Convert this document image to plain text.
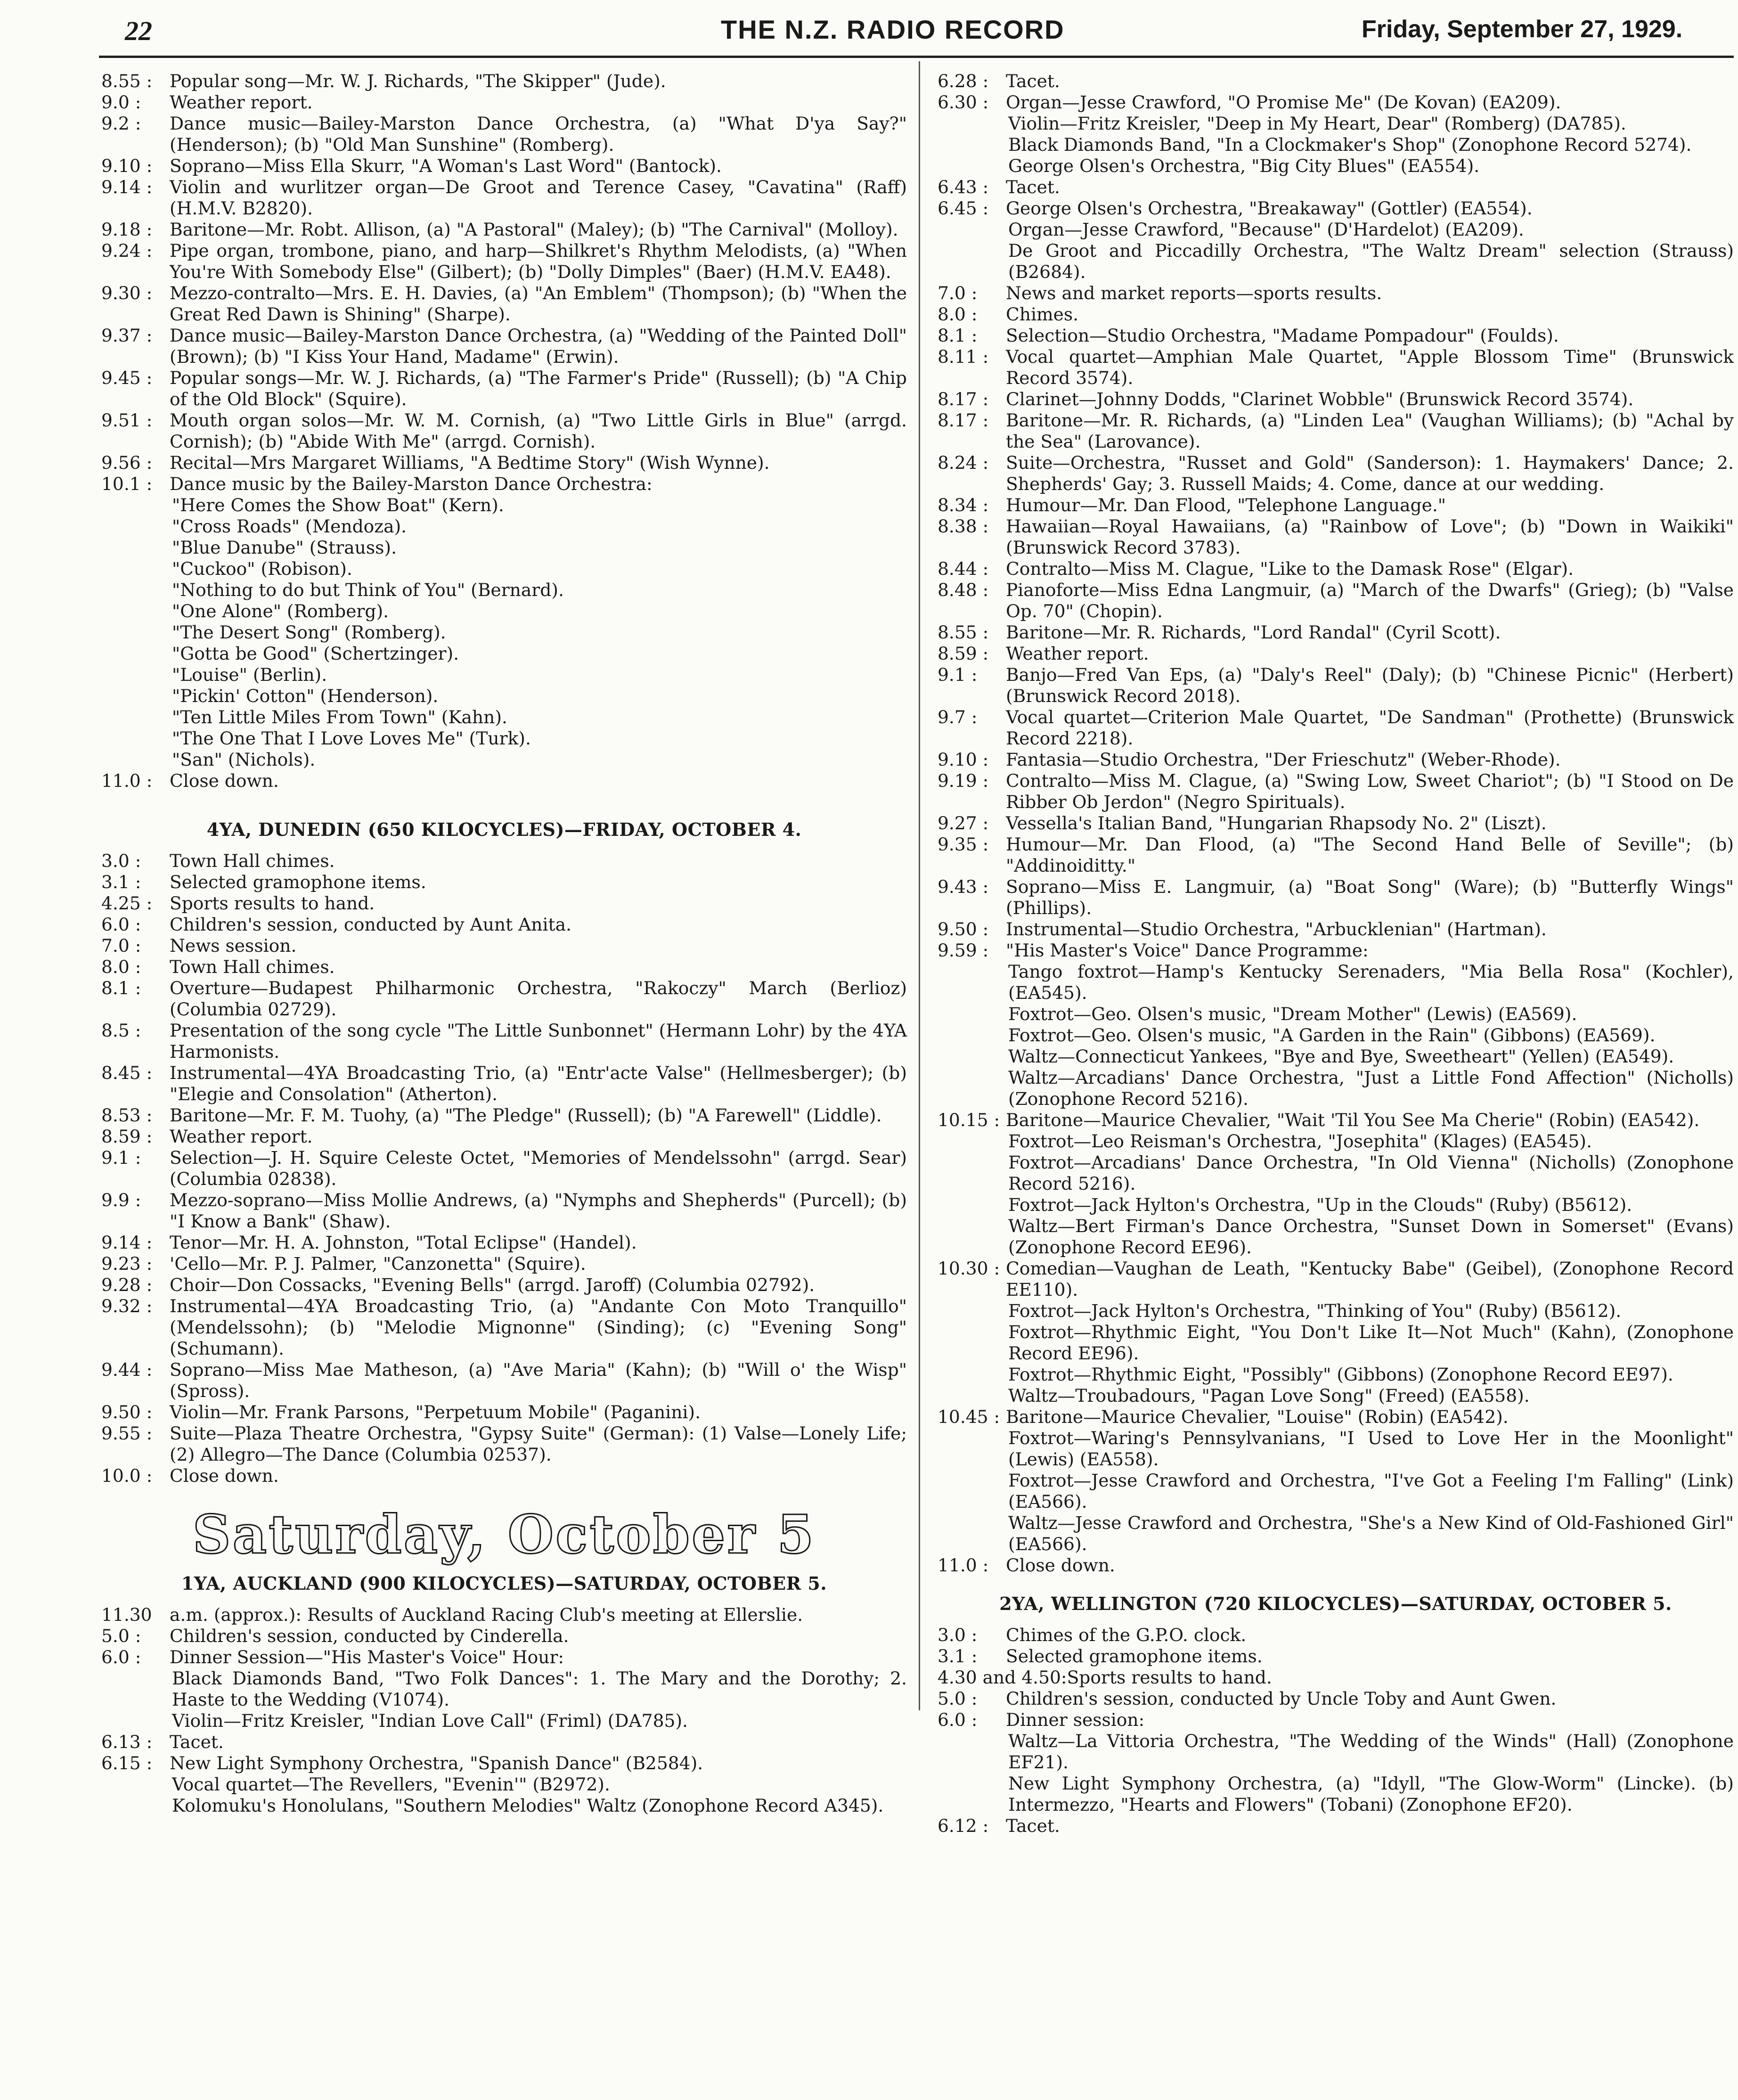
22	THE N.Z. RADIO RECORD	Friday, September 27, 1929.
8.55 : Popular song—Mr. W. J. Richards, "The Skipper" (Jude).
9.0 :	Weather report.
9.2 :	Dance music—Bailey-Marston Dance Orchestra, (a) "What D'ya Say?" (Henderson); (b) "Old Man Sunshine" (Romberg).
9.10 : Soprano—Miss Ella Skurr, "A Woman's Last Word" (Bantock).
9.14 : Violin and wurlitzer organ—De Groot and Terence Casey, "Cavatina" (Raff) (H.M.V. B2820).
9.18 : Baritone—Mr. Robt. Allison, (a) "A Pastoral" (Maley); (b) "The Carnival" (Molloy).
9.24 : Pipe organ, trombone, piano, and harp—Shilkret's Rhythm Melodists, (a) "When You're With Somebody Else" (Gilbert); (b) "Dolly Dimples" (Baer) (H.M.V. EA48).
9.30 : Mezzo-contralto—Mrs. E. H. Davies, (a) "An Emblem" (Thompson); (b) "When the Great Red Dawn is Shining" (Sharpe).
9.37 : Dance music—Bailey-Marston Dance Orchestra, (a) "Wedding of the Painted Doll" (Brown); (b) "I Kiss Your Hand, Madame" (Erwin).
9.45 : Popular songs—Mr. W. J. Richards, (a) "The Farmer's Pride" (Russell); (b) "A Chip of the Old Block" (Squire).
9.51 : Mouth organ solos—Mr. W. M. Cornish, (a) "Two Little Girls in Blue" (arrgd. Cornish); (b) "Abide With Me" (arrgd. Cornish).
9.56 : Recital—Mrs Margaret Williams, "A Bedtime Story" (Wish Wynne).
10.1 : Dance music by the Bailey-Marston Dance Orchestra:
"Here Comes the Show Boat" (Kern).
"Cross Roads" (Mendoza).
"Blue Danube" (Strauss).
"Cuckoo" (Robison).
"Nothing to do but Think of You" (Bernard).
"One Alone" (Romberg).
"The Desert Song" (Romberg).
"Gotta be Good" (Schertzinger).
"Louise" (Berlin).
"Pickin' Cotton" (Henderson).
"Ten Little Miles From Town" (Kahn).
"The One That I Love Loves Me" (Turk).
"San" (Nichols).
11.0 : Close down.
4YA, DUNEDIN (650 KILOCYCLES)—FRIDAY, OCTOBER 4.
3.0 :	Town Hall chimes.
3.1 :	Selected gramophone items.
4.25 : Sports results to hand.
6.0 :	Children's session, conducted by Aunt Anita.
7.0 :	News session.
8.0 :	Town Hall chimes.
8.1 :	Overture—Budapest Philharmonic Orchestra, "Rakoczy" March (Berlioz) (Columbia 02729).
8.5 :	Presentation of the song cycle "The Little Sunbonnet" (Hermann Lohr) by the 4YA Harmonists.
8.45 : Instrumental—4YA Broadcasting Trio, (a) "Entr'acte Valse" (Hellmesberger); (b) "Elegie and Consolation" (Atherton).
8.53 : Baritone—Mr. F. M. Tuohy, (a) "The Pledge" (Russell); (b) "A Farewell" (Liddle).
8.59 : Weather report.
9.1 :	Selection—J. H. Squire Celeste Octet, "Memories of Mendelssohn" (arrgd. Sear) (Columbia 02838).
9.9 :	Mezzo-soprano—Miss Mollie Andrews, (a) "Nymphs and Shepherds" (Purcell); (b) "I Know a Bank" (Shaw).
9.14 : Tenor—Mr. H. A. Johnston, "Total Eclipse" (Handel).
9.23 : 'Cello—Mr. P. J. Palmer, "Canzonetta" (Squire).
9.28 : Choir—Don Cossacks, "Evening Bells" (arrgd. Jaroff) (Columbia 02792).
9.32 : Instrumental—4YA Broadcasting Trio, (a) "Andante Con Moto Tranquillo" (Mendelssohn); (b) "Melodie Mignonne" (Sinding); (c) "Evening Song" (Schumann).
9.44 : Soprano—Miss Mae Matheson, (a) "Ave Maria" (Kahn); (b) "Will o' the Wisp" (Spross).
9.50 : Violin—Mr. Frank Parsons, "Perpetuum Mobile" (Paganini).
9.55 : Suite—Plaza Theatre Orchestra, "Gypsy Suite" (German): (1) Valse—Lonely Life; (2) Allegro—The Dance (Columbia 02537).
10.0 : Close down.
Saturday, October 5
1YA, AUCKLAND (900 KILOCYCLES)—SATURDAY, OCTOBER 5.
11.30 a.m. (approx.): Results of Auckland Racing Club's meeting at Ellerslie.
5.0 :	Children's session, conducted by Cinderella.
6.0 :	Dinner Session—"His Master's Voice" Hour:
Black Diamonds Band, "Two Folk Dances": 1. The Mary and the Dorothy; 2. Haste to the Wedding (V1074).
Violin—Fritz Kreisler, "Indian Love Call" (Friml) (DA785).
6.13 : Tacet.
6.15 : New Light Symphony Orchestra, "Spanish Dance" (B2584).
Vocal quartet—The Revellers, "Evenin'" (B2972).
Kolomuku's Honolulans, "Southern Melodies" Waltz (Zonophone Record A345).
6.28 : Tacet.
6.30 : Organ—Jesse Crawford, "O Promise Me" (De Kovan) (EA209).
Violin—Fritz Kreisler, "Deep in My Heart, Dear" (Romberg) (DA785).
Black Diamonds Band, "In a Clockmaker's Shop" (Zonophone Record 5274).
George Olsen's Orchestra, "Big City Blues" (EA554).
6.43 : Tacet.
6.45 : George Olsen's Orchestra, "Breakaway" (Gottler) (EA554).
Organ—Jesse Crawford, "Because" (D'Hardelot) (EA209).
De Groot and Piccadilly Orchestra, "The Waltz Dream" selection (Strauss) (B2684).
7.0 :	News and market reports—sports results.
8.0 :	Chimes.
8.1 :	Selection—Studio Orchestra, "Madame Pompadour" (Foulds).
8.11 : Vocal quartet—Amphian Male Quartet, "Apple Blossom Time" (Brunswick Record 3574).
8.17 : Clarinet—Johnny Dodds, "Clarinet Wobble" (Brunswick Record 3574).
8.17 : Baritone—Mr. R. Richards, (a) "Linden Lea" (Vaughan Williams); (b) "Achal by the Sea" (Larovance).
8.24 : Suite—Orchestra, "Russet and Gold" (Sanderson): 1. Haymakers' Dance; 2. Shepherds' Gay; 3. Russell Maids; 4. Come, dance at our wedding.
8.34 : Humour—Mr. Dan Flood, "Telephone Language."
8.38 : Hawaiian—Royal Hawaiians, (a) "Rainbow of Love"; (b) "Down in Waikiki" (Brunswick Record 3783).
8.44 : Contralto—Miss M. Clague, "Like to the Damask Rose" (Elgar).
8.48 : Pianoforte—Miss Edna Langmuir, (a) "March of the Dwarfs" (Grieg); (b) "Valse Op. 70" (Chopin).
8.55 : Baritone—Mr. R. Richards, "Lord Randal" (Cyril Scott).
8.59 : Weather report.
9.1 :	Banjo—Fred Van Eps, (a) "Daly's Reel" (Daly); (b) "Chinese Picnic" (Herbert) (Brunswick Record 2018).
9.7 :	Vocal quartet—Criterion Male Quartet, "De Sandman" (Prothette) (Brunswick Record 2218).
9.10 : Fantasia—Studio Orchestra, "Der Frieschutz" (Weber-Rhode).
9.19 : Contralto—Miss M. Clague, (a) "Swing Low, Sweet Chariot"; (b) "I Stood on De Ribber Ob Jerdon" (Negro Spirituals).
9.27 : Vessella's Italian Band, "Hungarian Rhapsody No. 2" (Liszt).
9.35 : Humour—Mr. Dan Flood, (a) "The Second Hand Belle of Seville"; (b) "Addinoiditty."
9.43 : Soprano—Miss E. Langmuir, (a) "Boat Song" (Ware); (b) "Butterfly Wings" (Phillips).
9.50 : Instrumental—Studio Orchestra, "Arbucklenian" (Hartman).
9.59 : "His Master's Voice" Dance Programme:
Tango foxtrot—Hamp's Kentucky Serenaders, "Mia Bella Rosa" (Kochler), (EA545).
Foxtrot—Geo. Olsen's music, "Dream Mother" (Lewis) (EA569).
Foxtrot—Geo. Olsen's music, "A Garden in the Rain" (Gibbons) (EA569).
Waltz—Connecticut Yankees, "Bye and Bye, Sweetheart" (Yellen) (EA549).
Waltz—Arcadians' Dance Orchestra, "Just a Little Fond Affection" (Nicholls) (Zonophone Record 5216).
10.15 : Baritone—Maurice Chevalier, "Wait 'Til You See Ma Cherie" (Robin) (EA542).
Foxtrot—Leo Reisman's Orchestra, "Josephita" (Klages) (EA545).
Foxtrot—Arcadians' Dance Orchestra, "In Old Vienna" (Nicholls) (Zonophone Record 5216).
Foxtrot—Jack Hylton's Orchestra, "Up in the Clouds" (Ruby) (B5612).
Waltz—Bert Firman's Dance Orchestra, "Sunset Down in Somerset" (Evans) (Zonophone Record EE96).
10.30 : Comedian—Vaughan de Leath, "Kentucky Babe" (Geibel), (Zonophone Record EE110).
Foxtrot—Jack Hylton's Orchestra, "Thinking of You" (Ruby) (B5612).
Foxtrot—Rhythmic Eight, "You Don't Like It—Not Much" (Kahn), (Zonophone Record EE96).
Foxtrot—Rhythmic Eight, "Possibly" (Gibbons) (Zonophone Record EE97).
Waltz—Troubadours, "Pagan Love Song" (Freed) (EA558).
10.45 : Baritone—Maurice Chevalier, "Louise" (Robin) (EA542).
Foxtrot—Waring's Pennsylvanians, "I Used to Love Her in the Moonlight" (Lewis) (EA558).
Foxtrot—Jesse Crawford and Orchestra, "I've Got a Feeling I'm Falling" (Link) (EA566).
Waltz—Jesse Crawford and Orchestra, "She's a New Kind of Old-Fashioned Girl" (EA566).
11.0 : Close down.
2YA, WELLINGTON (720 KILOCYCLES)—SATURDAY, OCTOBER 5.
3.0 :	Chimes of the G.P.O. clock.
3.1 :	Selected gramophone items.
4.30 and 4.50: Sports results to hand.
5.0 :	Children's session, conducted by Uncle Toby and Aunt Gwen.
6.0 :	Dinner session:
Waltz—La Vittoria Orchestra, "The Wedding of the Winds" (Hall) (Zonophone EF21).
New Light Symphony Orchestra, (a) "Idyll, "The Glow-Worm" (Lincke). (b) Intermezzo, "Hearts and Flowers" (Tobani) (Zonophone EF20).
6.12 : Tacet.
